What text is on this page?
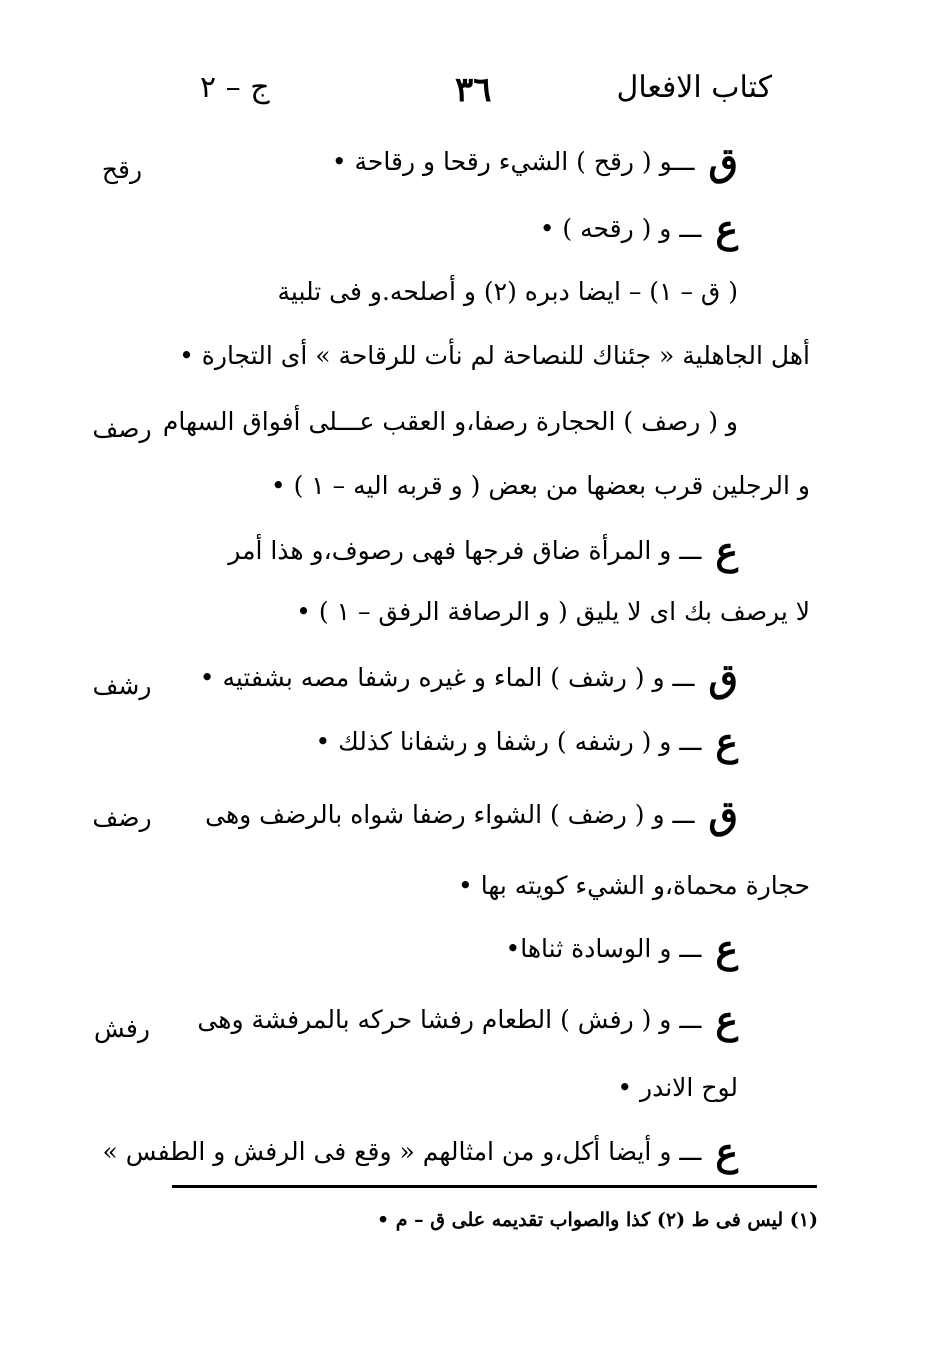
كتاب الافعال
٣٦
ج – ٢
رقح
رصف
رشف
رضف
رفش
ق
ـــو ( رقح ) الشيء رقحا و رقاحة •
ع
ـــ و ( رقحه ) •
( ق – ١) – ايضا دبره (٢) و أصلحه.و فى تلبية
أهل الجاهلية « جئناك للنصاحة لم نأت للرقاحة » أى التجارة •
و ( رصف ) الحجارة رصفا،و العقب عـــلى أفواق السهام
و الرجلين قرب بعضها من بعض ( و قربه اليه – ١ ) •
ع
ـــ و المرأة ضاق فرجها فهى رصوف،و هذا أمر
لا يرصف بك اى لا يليق ( و الرصافة الرفق – ١ ) •
ق
ـــ و ( رشف ) الماء و غيره رشفا مصه بشفتيه •
ع
ـــ و ( رشفه ) رشفا و رشفانا كذلك •
ق
ـــ و ( رضف ) الشواء رضفا شواه بالرضف وهى
حجارة محماة،و الشيء كويته بها •
ع
ـــ و الوسادة ثناها•
ع
ـــ و ( رفش ) الطعام رفشا حركه بالمرفشة وهى
لوح الاندر •
ع
ـــ و أيضا أكل،و من امثالهم « وقع فى الرفش و الطفس »
(١) ليس فى ط (٢) كذا والصواب تقديمه على ق – م •
